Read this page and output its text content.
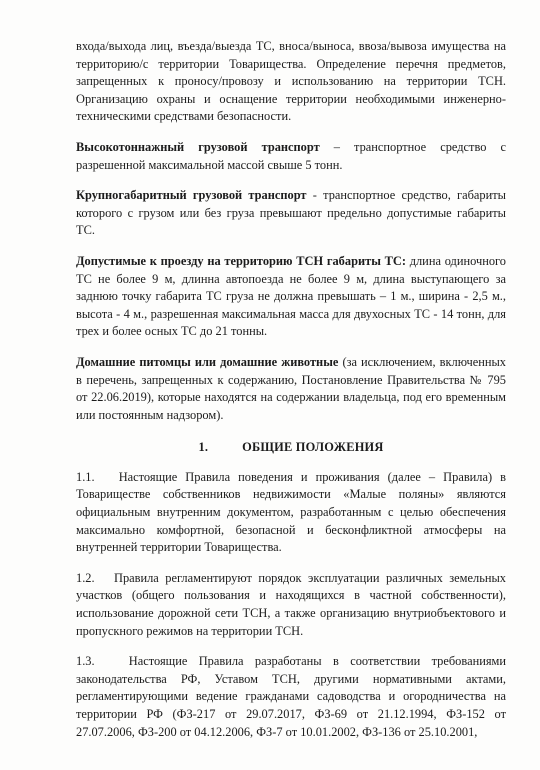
входа/выхода лиц, въезда/выезда ТС, вноса/выноса, ввоза/вывоза имущества на территорию/с территории Товарищества. Определение перечня предметов, запрещенных к проносу/провозу и использованию на территории ТСН. Организацию охраны и оснащение территории необходимыми инженерно-техническими средствами безопасности.

Высокотоннажный грузовой транспорт – транспортное средство с разрешенной максимальной массой свыше 5 тонн.

Крупногабаритный грузовой транспорт - транспортное средство, габариты которого с грузом или без груза превышают предельно допустимые габариты ТС.

Допустимые к проезду на территорию ТСН габариты ТС: длина одиночного ТС не более 9 м, длинна автопоезда не более 9 м, длина выступающего за заднюю точку габарита ТС груза не должна превышать – 1 м., ширина - 2,5 м., высота - 4 м., разрешенная максимальная масса для двухосных ТС - 14 тонн, для трех и более осных ТС до 21 тонны.

Домашние питомцы или домашние животные (за исключением, включенных в перечень, запрещенных к содержанию, Постановление Правительства № 795 от 22.06.2019), которые находятся на содержании владельца, под его временным или постоянным надзором).

1.	ОБЩИЕ ПОЛОЖЕНИЯ

1.1. Настоящие Правила поведения и проживания (далее – Правила) в Товариществе собственников недвижимости «Малые поляны» являются официальным внутренним документом, разработанным с целью обеспечения максимально комфортной, безопасной и бесконфликтной атмосферы на внутренней территории Товарищества.

1.2. Правила регламентируют порядок эксплуатации различных земельных участков (общего пользования и находящихся в частной собственности), использование дорожной сети ТСН, а также организацию внутриобъектового и пропускного режимов на территории ТСН.

1.3.	Настоящие Правила разработаны в соответствии требованиями законодательства РФ, Уставом ТСН, другими нормативными актами, регламентирующими ведение гражданами садоводства и огородничества на территории РФ (ФЗ-217 от 29.07.2017, ФЗ-69 от 21.12.1994, ФЗ-152 от 27.07.2006, ФЗ-200 от 04.12.2006, ФЗ-7 от 10.01.2002, ФЗ-136 от 25.10.2001,
